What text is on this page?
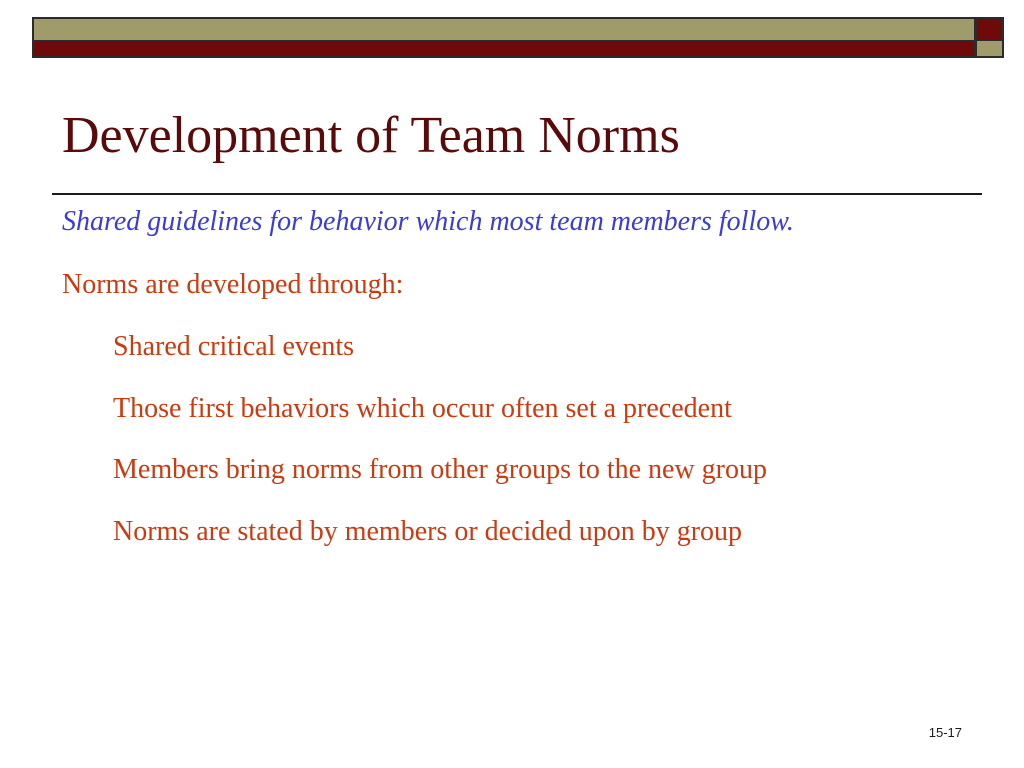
Development of Team Norms

Shared guidelines for behavior which most team members follow.

Norms are developed through:

Shared critical events
Those first behaviors which occur often set a precedent
Members bring norms from other groups to the new group
Norms are stated by members or decided upon by group
15-17
